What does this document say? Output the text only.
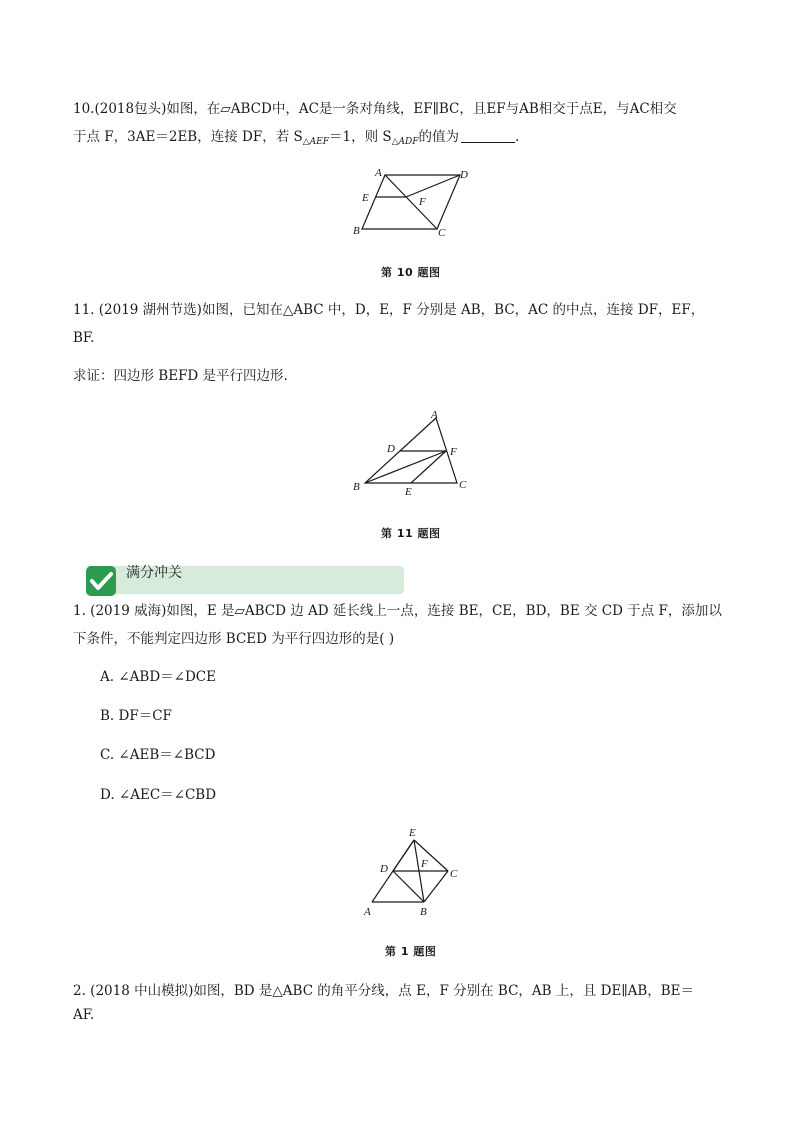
10.(2018包头)如图，在▱ABCD中，AC是一条对角线，EF∥BC，且EF与AB相交于点E，与AC相交
于点 F，3AE＝2EB，连接 DF，若 $S_{\triangle AEF}=1$，则 $S_{\triangle ADF}$的值为	.
A	D
E	F
B	C
第 10 题图
11. (2019 湖州节选)如图，已知在△ABC 中，D，E，F 分别是 AB，BC，AC 的中点，连接 DF，EF，
BF.
求证：四边形 BEFD 是平行四边形.
A
D	F
B	E
C
第 11 题图
满分冲关
1. (2019 威海)如图，E 是▱ABCD 边 AD 延长线上一点，连接 BE，CE，BD，BE 交 CD 于点 F，添加以
下条件，不能判定四边形 BCED 为平行四边形的是( )
A. ∠ABD＝∠DCE
B. DF＝CF
C. ∠AEB＝∠BCD
D. ∠AEC＝∠CBD
E
D	F
C
A	B
第 1 题图
2. (2018 中山模拟)如图，BD 是△ABC 的角平分线，点 E，F 分别在 BC，AB 上，且 DE∥AB，BE＝
AF.
